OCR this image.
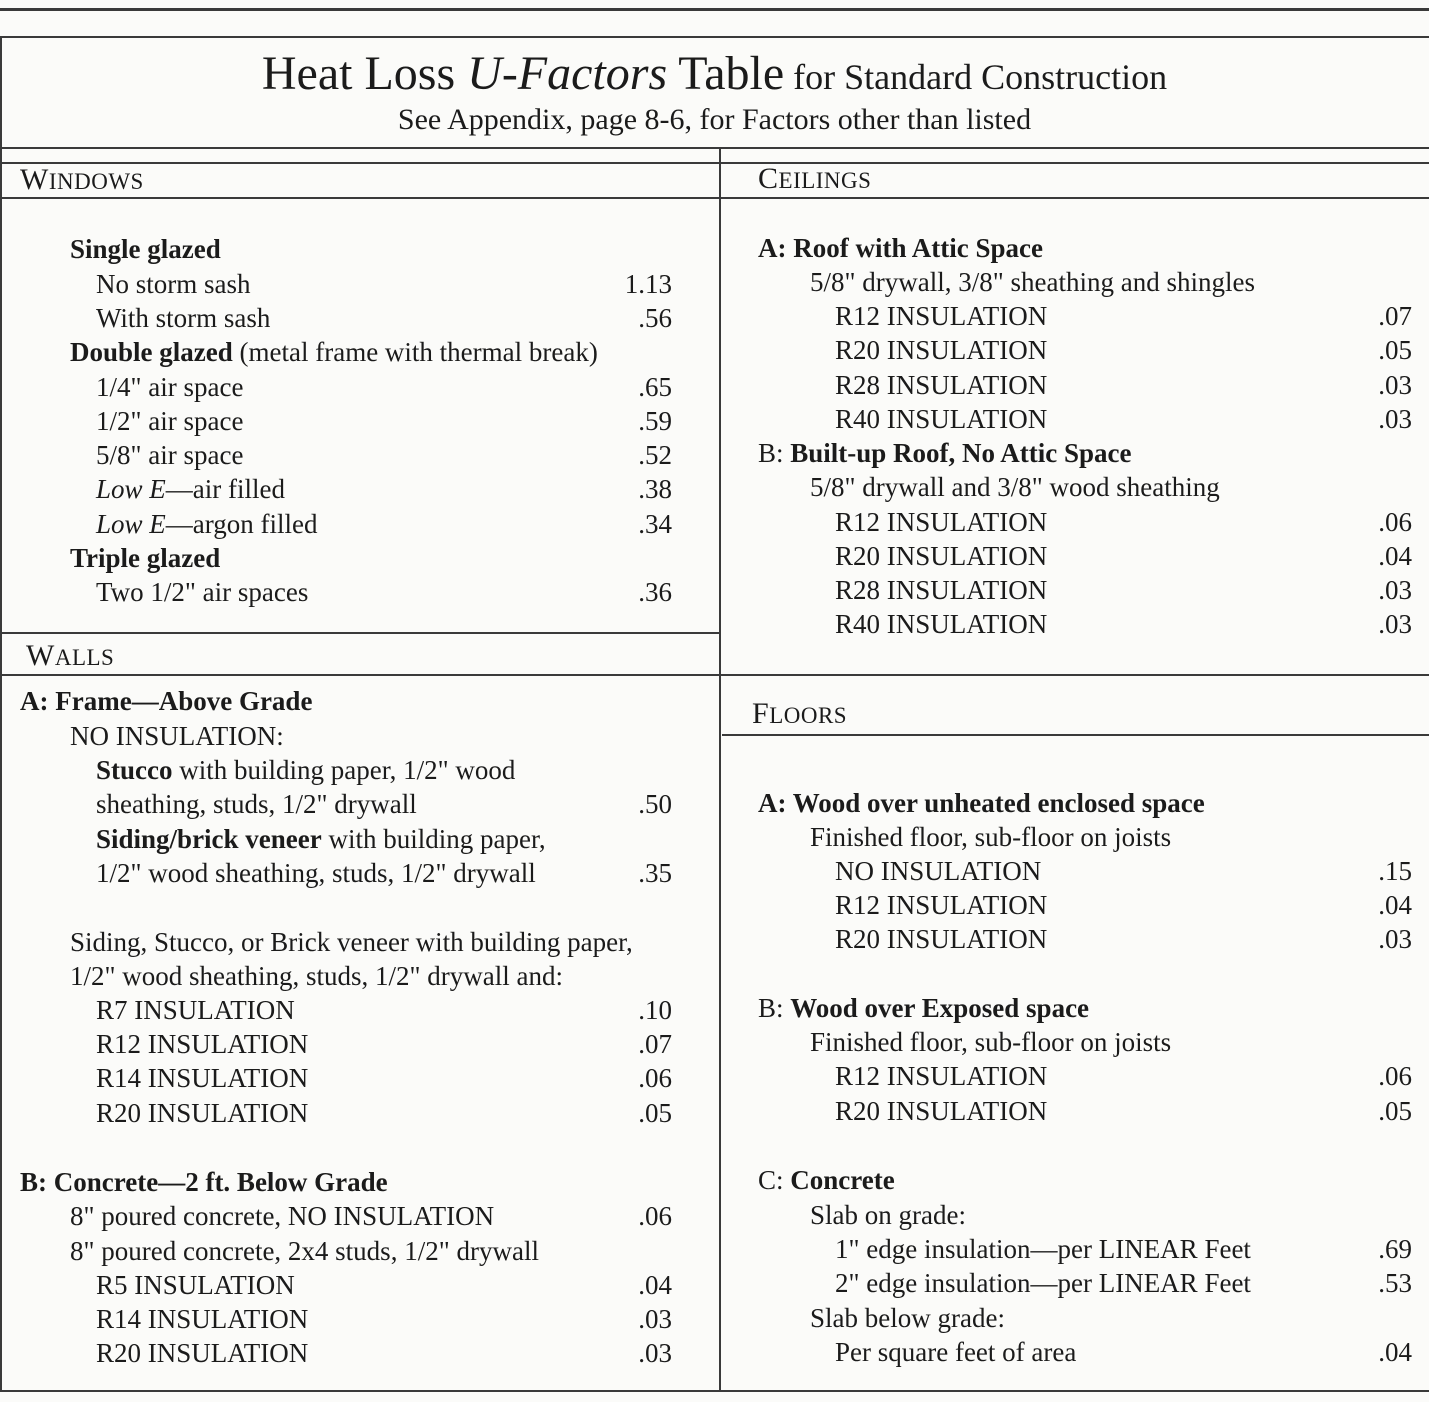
Heat Loss U-Factors Table for Standard Construction
See Appendix, page 8-6, for Factors other than listed
WINDOWS
Single glazed
No storm sash	1.13
With storm sash	.56
Double glazed (metal frame with thermal break)
1/4" air space	.65
1/2" air space	.59
5/8" air space	.52
Low E—air filled	.38
Low E—argon filled	.34
Triple glazed
Two 1/2" air spaces	.36
WALLS
A: Frame—Above Grade
NO INSULATION:
Stucco with building paper, 1/2" wood
sheathing, studs, 1/2" drywall	.50
Siding/brick veneer with building paper,
1/2" wood sheathing, studs, 1/2" drywall	.35
Siding, Stucco, or Brick veneer with building paper,
1/2" wood sheathing, studs, 1/2" drywall and:
R7 INSULATION	.10
R12 INSULATION	.07
R14 INSULATION	.06
R20 INSULATION	.05
B: Concrete—2 ft. Below Grade
8" poured concrete, NO INSULATION	.06
8" poured concrete, 2x4 studs, 1/2" drywall
R5 INSULATION	.04
R14 INSULATION	.03
R20 INSULATION	.03
CEILINGS
A: Roof with Attic Space
5/8" drywall, 3/8" sheathing and shingles
R12 INSULATION	.07
R20 INSULATION	.05
R28 INSULATION	.03
R40 INSULATION	.03
B: Built-up Roof, No Attic Space
5/8" drywall and 3/8" wood sheathing
R12 INSULATION	.06
R20 INSULATION	.04
R28 INSULATION	.03
R40 INSULATION	.03
FLOORS
A: Wood over unheated enclosed space
Finished floor, sub-floor on joists
NO INSULATION	.15
R12 INSULATION	.04
R20 INSULATION	.03
B: Wood over Exposed space
Finished floor, sub-floor on joists
R12 INSULATION	.06
R20 INSULATION	.05
C: Concrete
Slab on grade:
1" edge insulation—per LINEAR Feet	.69
2" edge insulation—per LINEAR Feet	.53
Slab below grade:
Per square feet of area	.04
